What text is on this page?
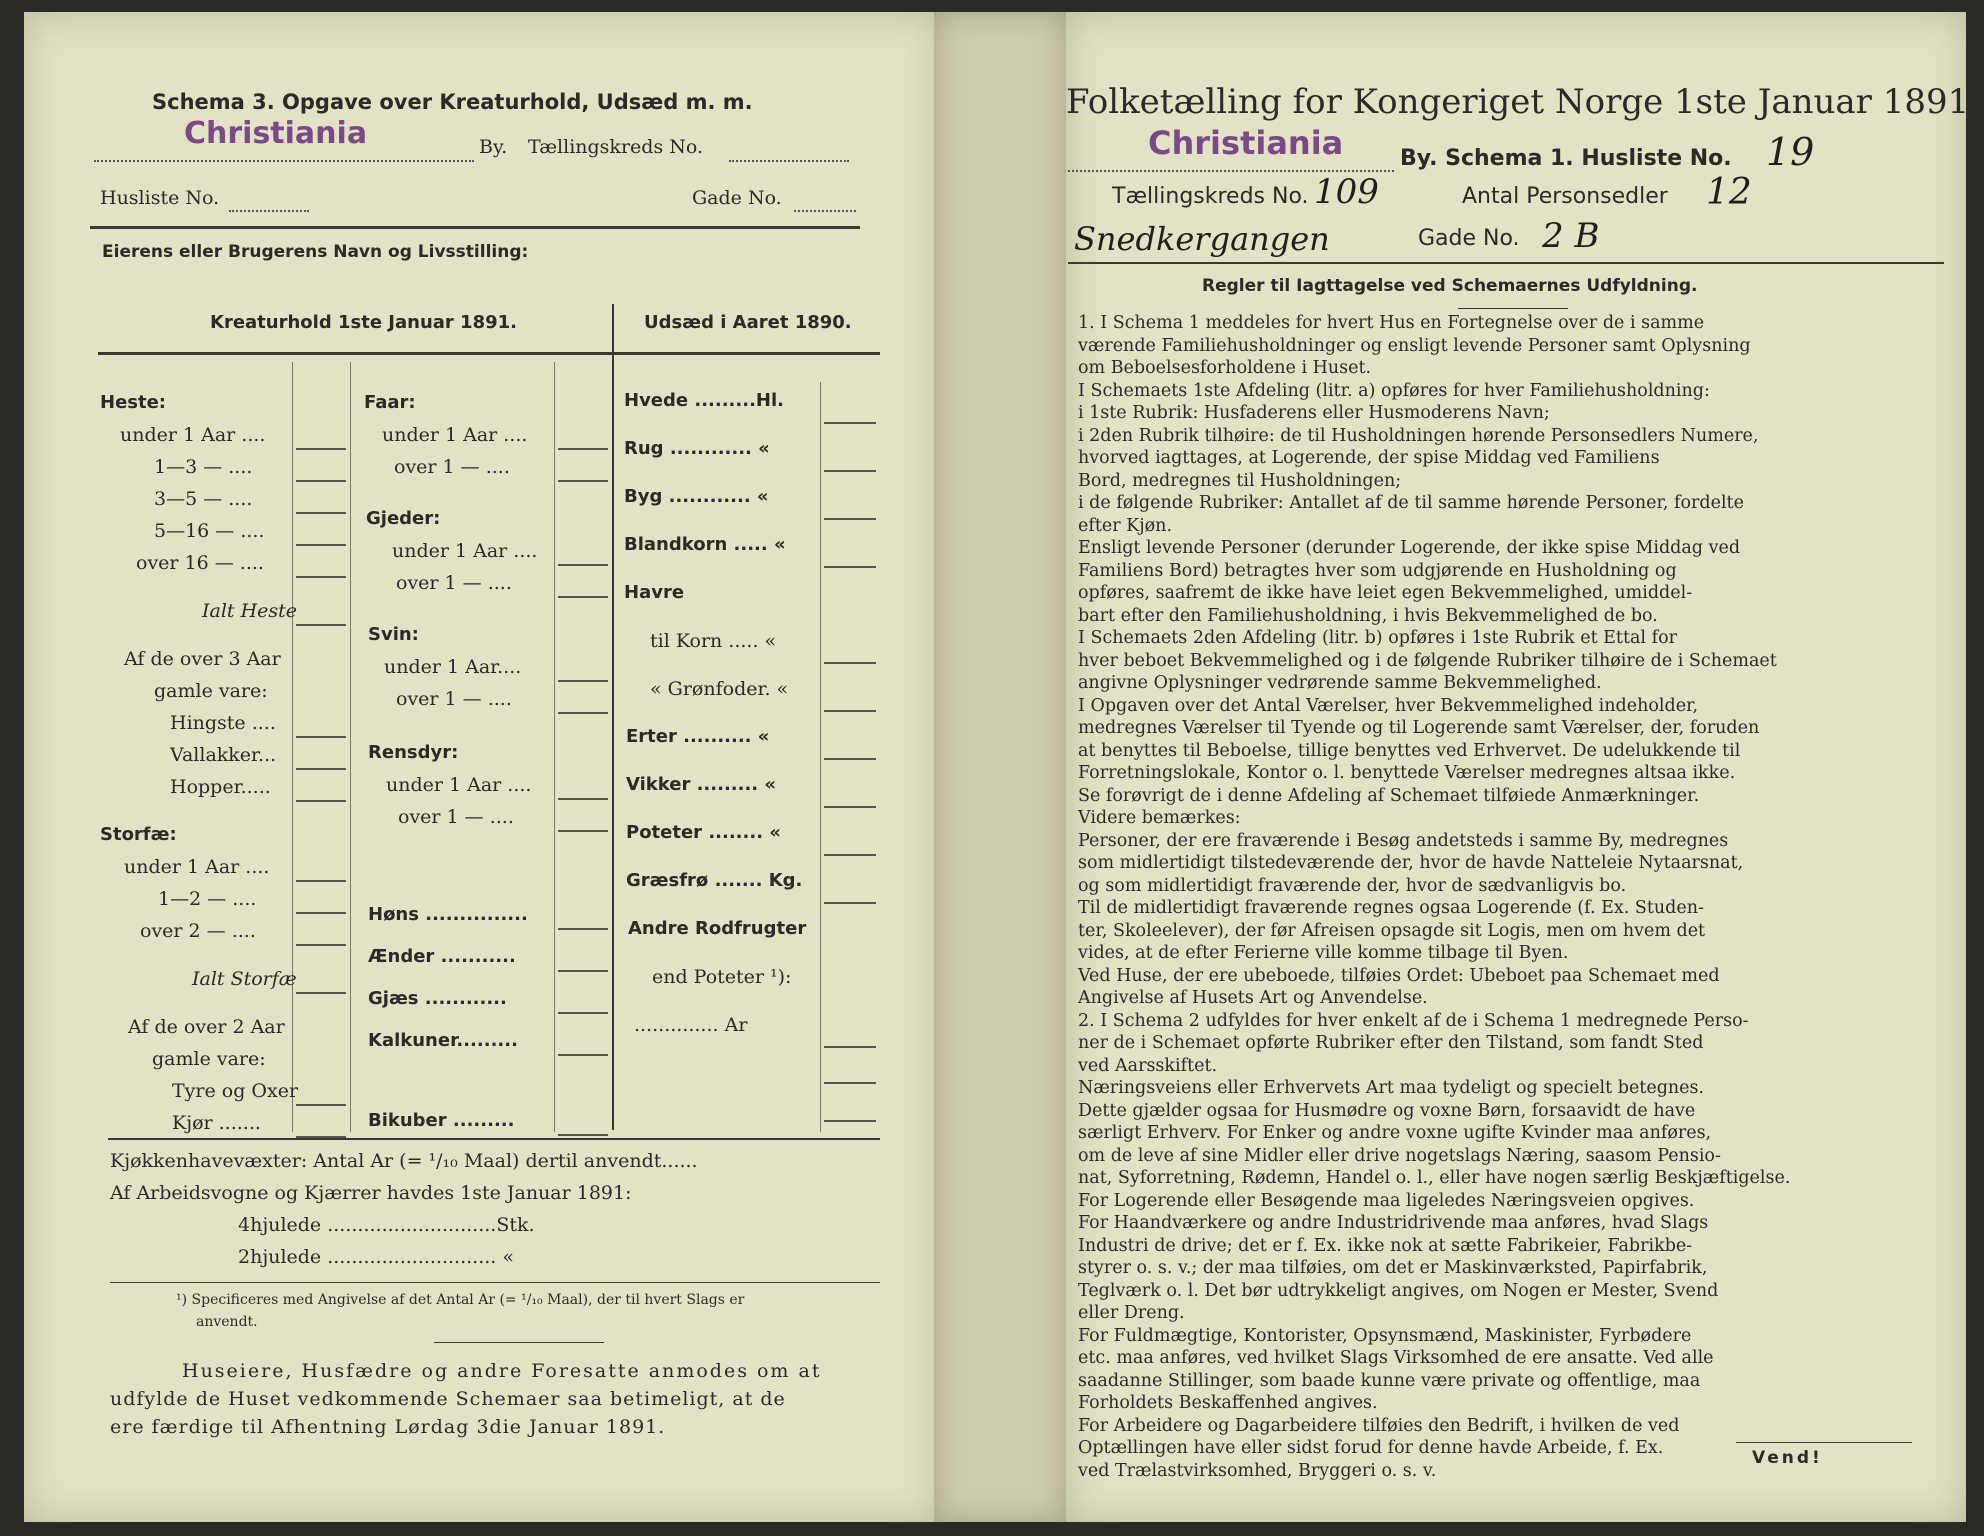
Schema 3. Opgave over Kreaturhold, Udsæd m. m.
Christiania	By. Tællingskreds No.
Husliste No.	Gade No.
Eierens eller Brugerens Navn og Livsstilling:
Kreaturhold 1ste Januar 1891.	Udsæd i Aaret 1890.
Heste:
under 1 Aar ....
1—3 — ....
3—5 — ....
5—16 — ....
over 16 — ....
Ialt Heste
Af de over 3 Aar
gamle vare:
Hingste ....
Vallakker...
Hopper.....
Storfæ:
under 1 Aar ....
1—2 — ....
over 2 — ....
Ialt Storfæ
Af de over 2 Aar
gamle vare:
Tyre og Oxer
Kjør .......
Faar:
under 1 Aar ....
over 1 — ....
Gjeder:
under 1 Aar ....
over 1 — ....
Svin:
under 1 Aar....
over 1 — ....
Rensdyr:
under 1 Aar ....
over 1 — ....
Høns ...............
Ænder ...........
Gjæs ............
Kalkuner.........
Bikuber .........
Hvede .........Hl.
Rug ............ «
Byg ............ «
Blandkorn ..... «
Havre
til Korn ..... «
« Grønfoder. «
Erter .......... «
Vikker ......... «
Poteter ........ «
Græsfrø ....... Kg.
Andre Rodfrugter
end Poteter ¹):
.............. Ar
Kjøkkenhavevæxter: Antal Ar (= ¹/₁₀ Maal) dertil anvendt......
Af Arbeidsvogne og Kjærrer havdes 1ste Januar 1891:
4hjulede ............................Stk.
2hjulede ............................ «
¹) Specificeres med Angivelse af det Antal Ar (= ¹/₁₀ Maal), der til hvert Slags er
anvendt.
Huseiere, Husfædre og andre Foresatte anmodes om at
udfylde de Huset vedkommende Schemaer saa betimeligt, at de
ere færdige til Afhentning Lørdag 3die Januar 1891.
Folketælling for Kongeriget Norge 1ste Januar 1891.
Christiania	By. Schema 1. Husliste No. 19
Tællingskreds No. 109	Antal Personsedler 12
Snedkergangen	Gade No. 2 B
Regler til Iagttagelse ved Schemaernes Udfyldning.

1. I Schema 1 meddeles for hvert Hus en Fortegnelse over de i samme

værende Familiehusholdninger og ensligt levende Personer samt Oplysning

om Beboelsesforholdene i Huset.

I Schemaets 1ste Afdeling (litr. a) opføres for hver Familiehusholdning:

i 1ste Rubrik: Husfaderens eller Husmoderens Navn;

i 2den Rubrik tilhøire: de til Husholdningen hørende Personsedlers Numere,

hvorved iagttages, at Logerende, der spise Middag ved Familiens

Bord, medregnes til Husholdningen;

i de følgende Rubriker: Antallet af de til samme hørende Personer, fordelte

efter Kjøn.

Ensligt levende Personer (derunder Logerende, der ikke spise Middag ved

Familiens Bord) betragtes hver som udgjørende en Husholdning og

opføres, saafremt de ikke have leiet egen Bekvemmelighed, umiddel-

bart efter den Familiehusholdning, i hvis Bekvemmelighed de bo.

I Schemaets 2den Afdeling (litr. b) opføres i 1ste Rubrik et Ettal for

hver beboet Bekvemmelighed og i de følgende Rubriker tilhøire de i Schemaet

angivne Oplysninger vedrørende samme Bekvemmelighed.

I Opgaven over det Antal Værelser, hver Bekvemmelighed indeholder,

medregnes Værelser til Tyende og til Logerende samt Værelser, der, foruden

at benyttes til Beboelse, tillige benyttes ved Erhvervet. De udelukkende til

Forretningslokale, Kontor o. l. benyttede Værelser medregnes altsaa ikke.

Se forøvrigt de i denne Afdeling af Schemaet tilføiede Anmærkninger.

Videre bemærkes:

Personer, der ere fraværende i Besøg andetsteds i samme By, medregnes

som midlertidigt tilstedeværende der, hvor de havde Natteleie Nytaarsnat,

og som midlertidigt fraværende der, hvor de sædvanligvis bo.

Til de midlertidigt fraværende regnes ogsaa Logerende (f. Ex. Studen-

ter, Skoleelever), der før Afreisen opsagde sit Logis, men om hvem det

vides, at de efter Ferierne ville komme tilbage til Byen.

Ved Huse, der ere ubeboede, tilføies Ordet: Ubeboet paa Schemaet med

Angivelse af Husets Art og Anvendelse.

2. I Schema 2 udfyldes for hver enkelt af de i Schema 1 medregnede Perso-

ner de i Schemaet opførte Rubriker efter den Tilstand, som fandt Sted

ved Aarsskiftet.

Næringsveiens eller Erhvervets Art maa tydeligt og specielt betegnes.

Dette gjælder ogsaa for Husmødre og voxne Børn, forsaavidt de have

særligt Erhverv. For Enker og andre voxne ugifte Kvinder maa anføres,

om de leve af sine Midler eller drive nogetslags Næring, saasom Pensio-

nat, Syforretning, Rødemn, Handel o. l., eller have nogen særlig Beskjæftigelse.

For Logerende eller Besøgende maa ligeledes Næringsveien opgives.

For Haandværkere og andre Industridrivende maa anføres, hvad Slags

Industri de drive; det er f. Ex. ikke nok at sætte Fabrikeier, Fabrikbe-

styrer o. s. v.; der maa tilføies, om det er Maskinværksted, Papirfabrik,

Teglværk o. l. Det bør udtrykkeligt angives, om Nogen er Mester, Svend

eller Dreng.

For Fuldmægtige, Kontorister, Opsynsmænd, Maskinister, Fyrbødere

etc. maa anføres, ved hvilket Slags Virksomhed de ere ansatte. Ved alle

saadanne Stillinger, som baade kunne være private og offentlige, maa

Forholdets Beskaffenhed angives.

For Arbeidere og Dagarbeidere tilføies den Bedrift, i hvilken de ved

Optællingen have eller sidst forud for denne havde Arbeide, f. Ex.

ved Trælastvirksomhed, Bryggeri o. s. v.

Vend!
